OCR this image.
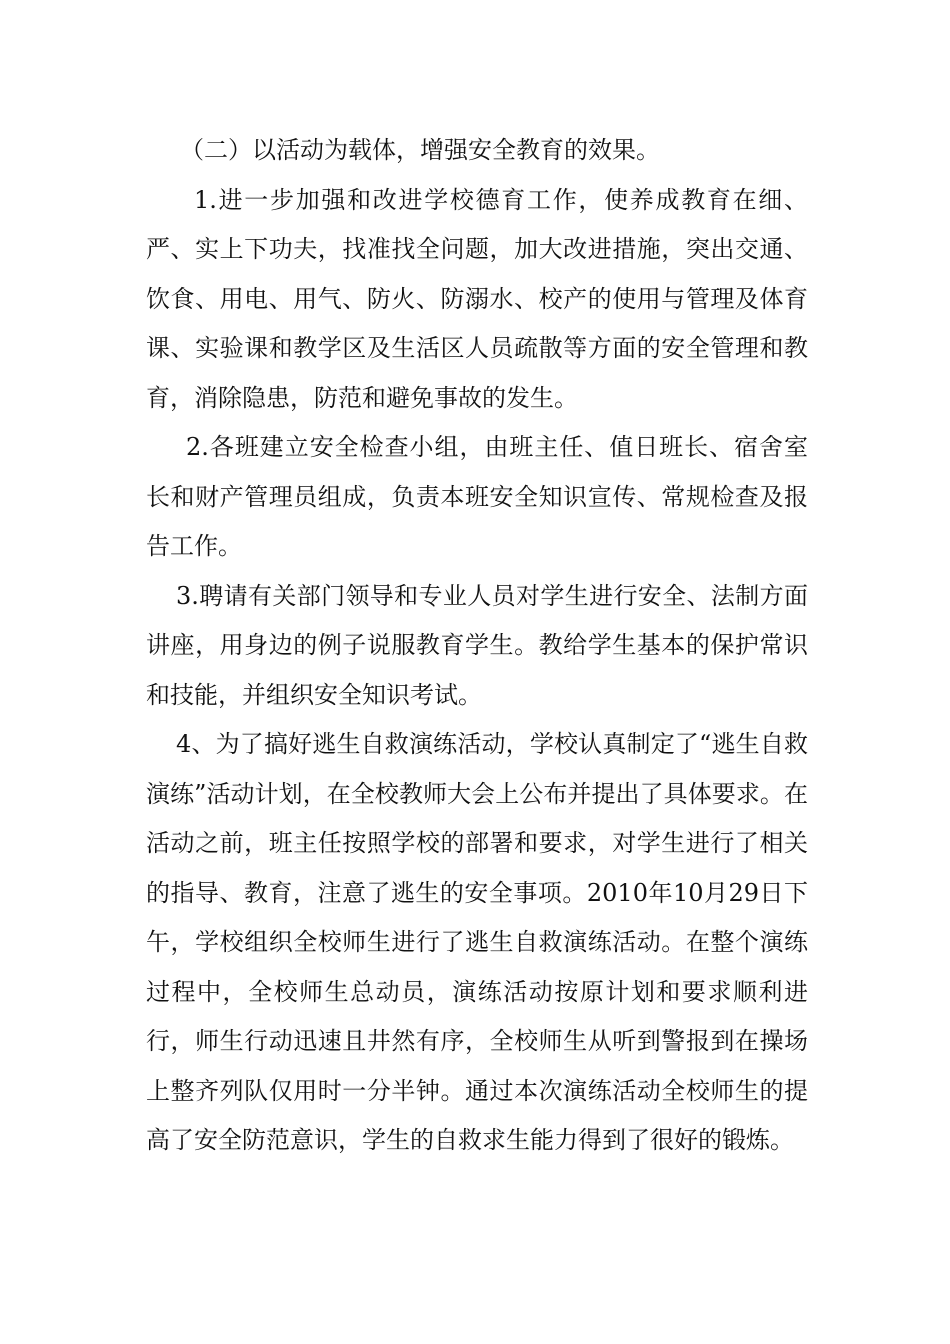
（二）以活动为载体，增强安全教育的效果。

1.进一步加强和改进学校德育工作，使养成教育在细、严、实上下功夫，找准找全问题，加大改进措施，突出交通、饮食、用电、用气、防火、防溺水、校产的使用与管理及体育课、实验课和教学区及生活区人员疏散等方面的安全管理和教育，消除隐患，防范和避免事故的发生。

2.各班建立安全检查小组，由班主任、值日班长、宿舍室长和财产管理员组成，负责本班安全知识宣传、常规检查及报告工作。

3.聘请有关部门领导和专业人员对学生进行安全、法制方面讲座，用身边的例子说服教育学生。教给学生基本的保护常识和技能，并组织安全知识考试。

4、为了搞好逃生自救演练活动，学校认真制定了“逃生自救演练”活动计划，在全校教师大会上公布并提出了具体要求。在活动之前，班主任按照学校的部署和要求，对学生进行了相关的指导、教育，注意了逃生的安全事项。2010年10月29日下午，学校组织全校师生进行了逃生自救演练活动。在整个演练过程中，全校师生总动员，演练活动按原计划和要求顺利进行，师生行动迅速且井然有序，全校师生从听到警报到在操场上整齐列队仅用时一分半钟。通过本次演练活动全校师生的提高了安全防范意识，学生的自救求生能力得到了很好的锻炼。
